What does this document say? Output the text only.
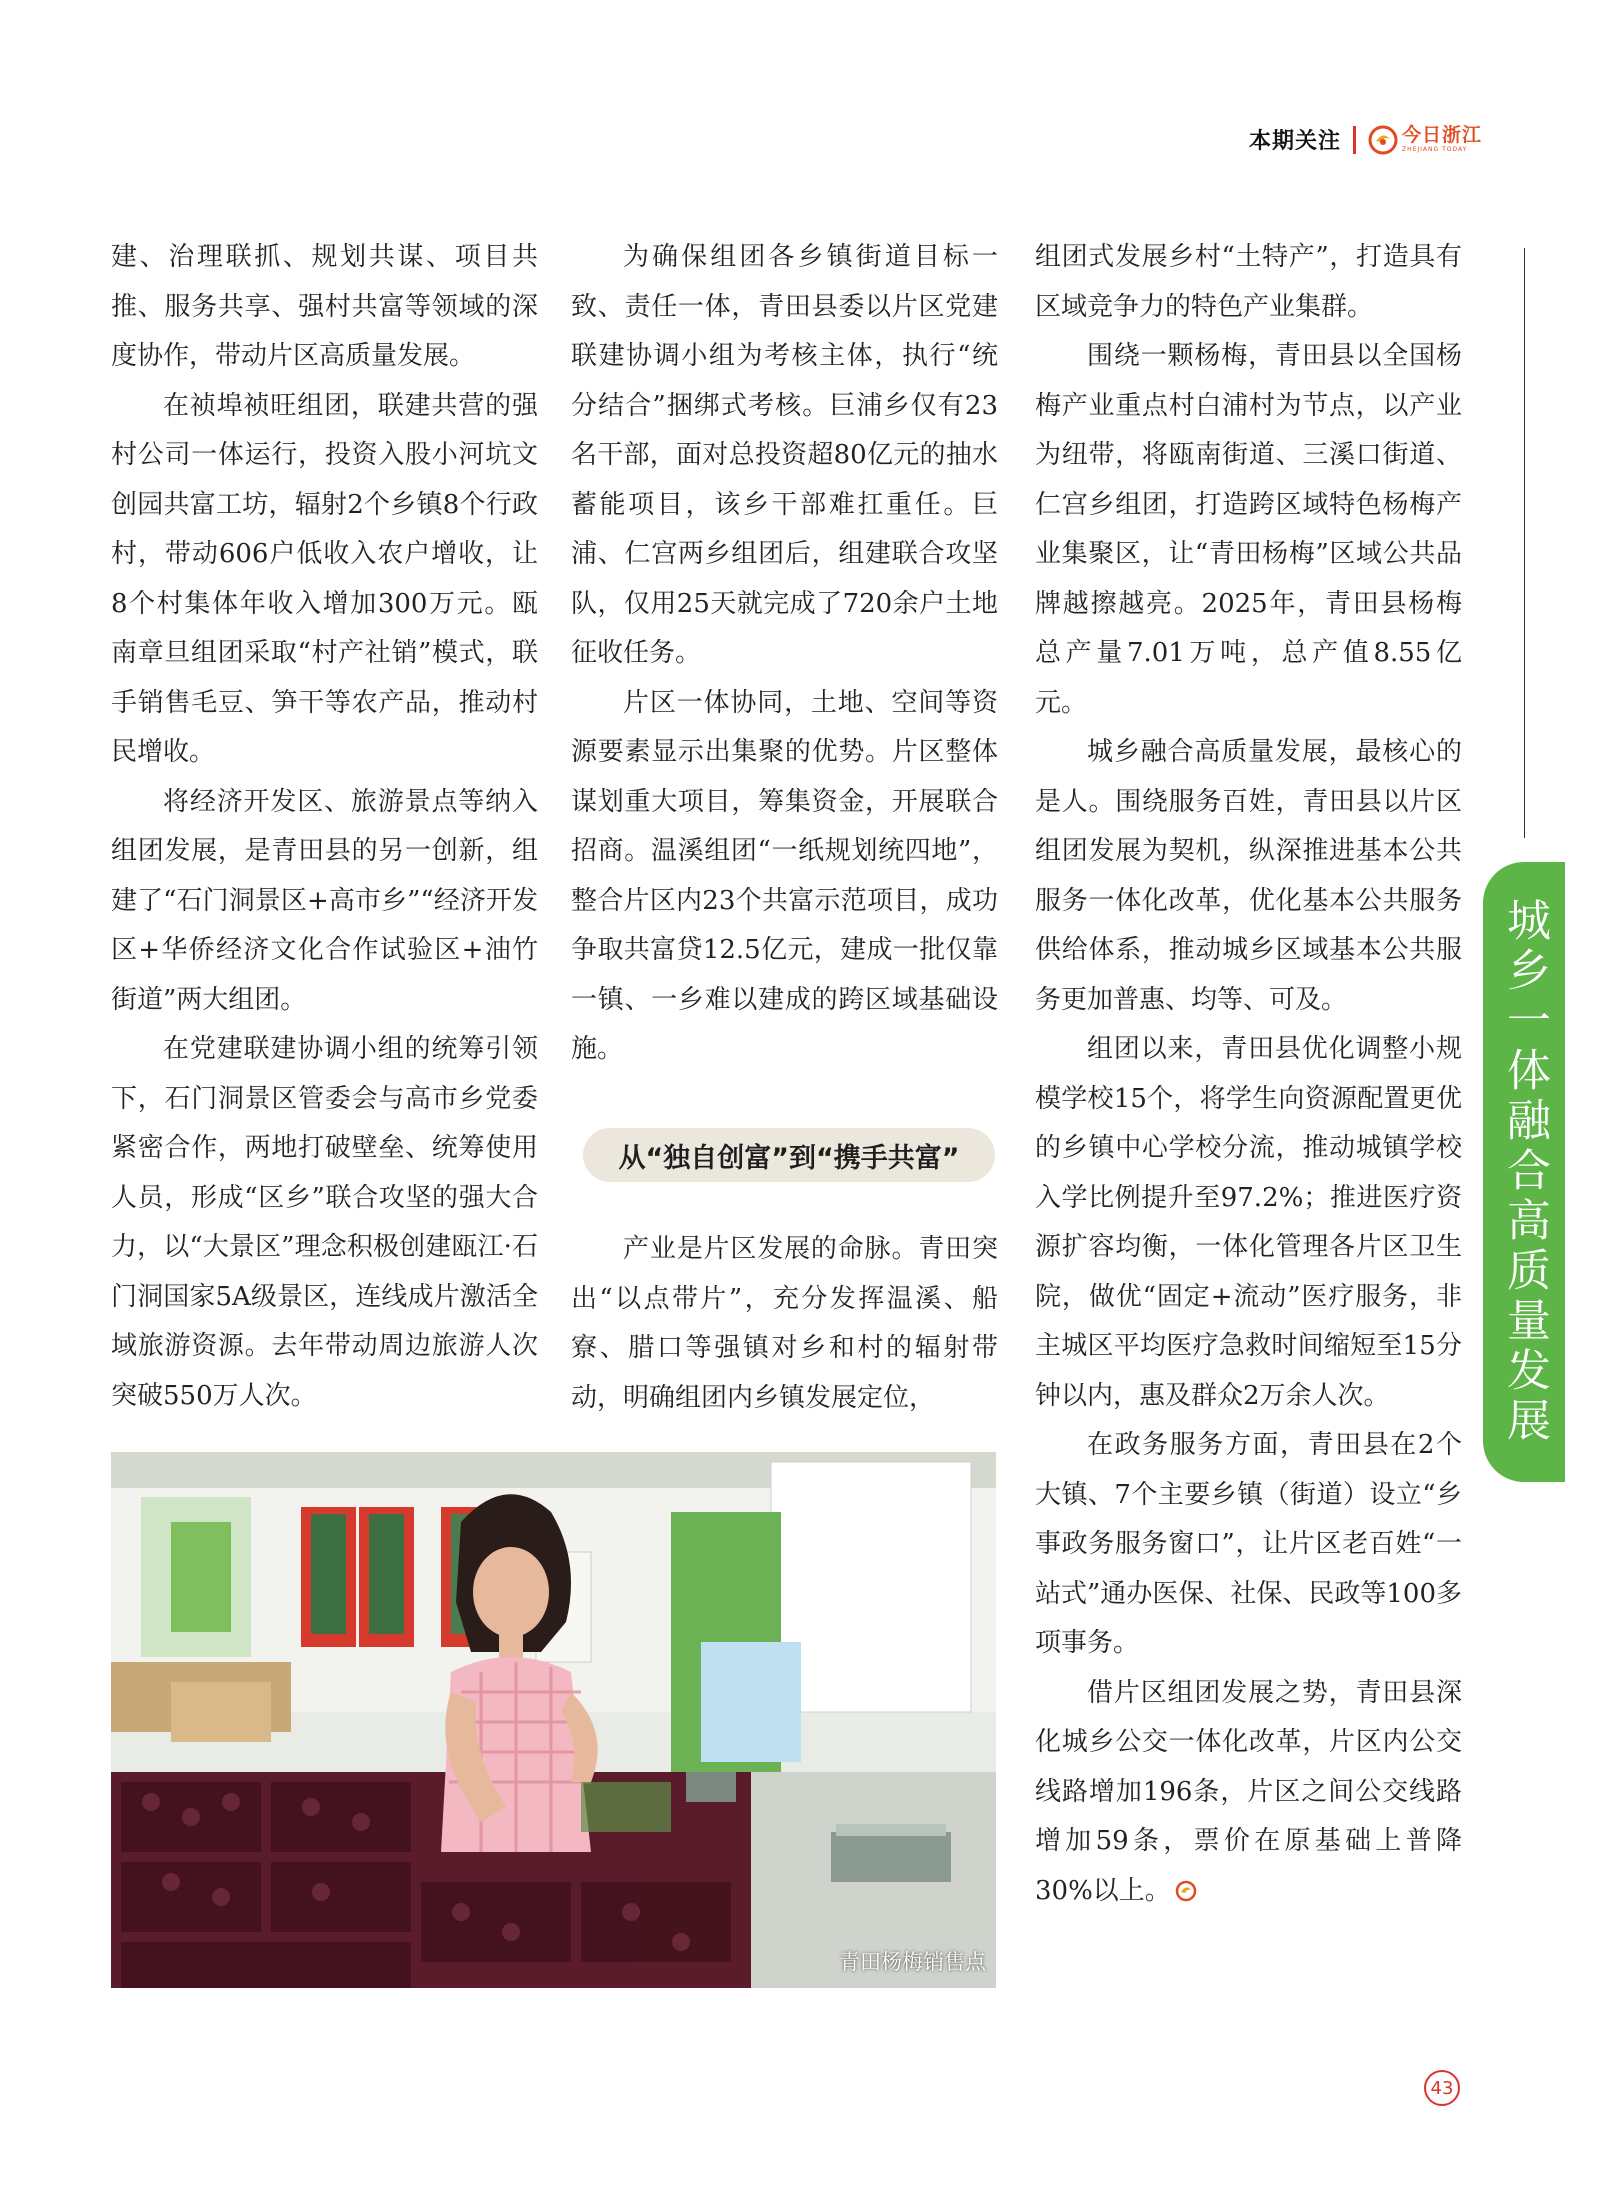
本期关注	今日浙江
ZHEJIANG TODAY

建、治理联抓、规划共谋、项目共推、服务共享、强村共富等领域的深度协作，带动片区高质量发展。

在祯埠祯旺组团，联建共营的强村公司一体运行，投资入股小河坑文创园共富工坊，辐射2个乡镇8个行政村，带动606户低收入农户增收，让8个村集体年收入增加300万元。瓯南章旦组团采取“村产社销”模式，联手销售毛豆、笋干等农产品，推动村民增收。

将经济开发区、旅游景点等纳入组团发展，是青田县的另一创新，组建了“石门洞景区+高市乡”“经济开发区+华侨经济文化合作试验区+油竹街道”两大组团。

在党建联建协调小组的统筹引领下，石门洞景区管委会与高市乡党委紧密合作，两地打破壁垒、统筹使用人员，形成“区乡”联合攻坚的强大合力，以“大景区”理念积极创建瓯江·石门洞国家5A级景区，连线成片激活全域旅游资源。去年带动周边旅游人次突破550万人次。

为确保组团各乡镇街道目标一致、责任一体，青田县委以片区党建联建协调小组为考核主体，执行“统分结合”捆绑式考核。巨浦乡仅有23名干部，面对总投资超80亿元的抽水蓄能项目，该乡干部难扛重任。巨浦、仁宫两乡组团后，组建联合攻坚队，仅用25天就完成了720余户土地征收任务。

片区一体协同，土地、空间等资源要素显示出集聚的优势。片区整体谋划重大项目，筹集资金，开展联合招商。温溪组团“一纸规划统四地”，整合片区内23个共富示范项目，成功争取共富贷12.5亿元，建成一批仅靠一镇、一乡难以建成的跨区域基础设施。

从“独自创富”到“携手共富”

产业是片区发展的命脉。青田突出“以点带片”，充分发挥温溪、船寮、腊口等强镇对乡和村的辐射带动，明确组团内乡镇发展定位，

组团式发展乡村“土特产”，打造具有区域竞争力的特色产业集群。

围绕一颗杨梅，青田县以全国杨梅产业重点村白浦村为节点，以产业为纽带，将瓯南街道、三溪口街道、仁宫乡组团，打造跨区域特色杨梅产业集聚区，让“青田杨梅”区域公共品牌越擦越亮。2025年，青田县杨梅总产量7.01万吨，总产值8.55亿元。

城乡融合高质量发展，最核心的是人。围绕服务百姓，青田县以片区组团发展为契机，纵深推进基本公共服务一体化改革，优化基本公共服务供给体系，推动城乡区域基本公共服务更加普惠、均等、可及。

组团以来，青田县优化调整小规模学校15个，将学生向资源配置更优的乡镇中心学校分流，推动城镇学校入学比例提升至97.2%；推进医疗资源扩容均衡，一体化管理各片区卫生院，做优“固定+流动”医疗服务，非主城区平均医疗急救时间缩短至15分钟以内，惠及群众2万余人次。

在政务服务方面，青田县在2个大镇、7个主要乡镇（街道）设立“乡事政务服务窗口”，让片区老百姓“一站式”通办医保、社保、民政等100多项事务。

借片区组团发展之势，青田县深化城乡公交一体化改革，片区内公交线路增加196条，片区之间公交线路增加59条，票价在原基础上普降30%以上。

城乡一体融合高质量发展
青田杨梅销售点
43
